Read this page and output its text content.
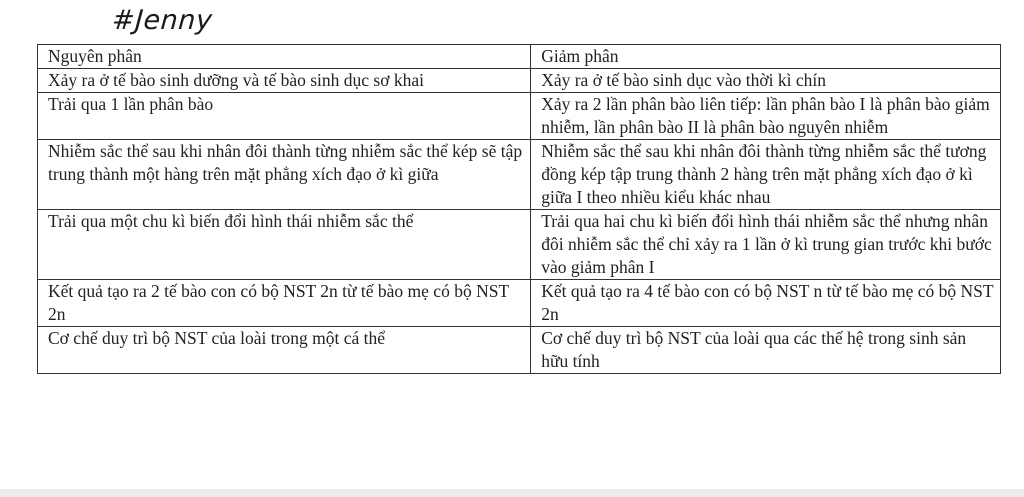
#Jenny
Nguyên phân	Giảm phân
Xảy ra ở tế bào sinh dưỡng và tế bào sinh dục sơ khai	Xảy ra ở tế bào sinh dục vào thời kì chín
Trải qua 1 lần phân bào	Xảy ra 2 lần phân bào liên tiếp: lần phân bào I là phân bào giảm nhiễm, lần phân bào II là phân bào nguyên nhiễm
Nhiễm sắc thể sau khi nhân đôi thành từng nhiễm sắc thể kép sẽ tập trung thành một hàng trên mặt phẳng xích đạo ở kì giữa	Nhiễm sắc thể sau khi nhân đôi thành từng nhiễm sắc thể tương đồng kép tập trung thành 2 hàng trên mặt phẳng xích đạo ở kì giữa I theo nhiều kiểu khác nhau
Trải qua một chu kì biến đổi hình thái nhiễm sắc thể	Trải qua hai chu kì biến đổi hình thái nhiễm sắc thể nhưng nhân đôi nhiễm sắc thể chỉ xảy ra 1 lần ở kì trung gian trước khi bước vào giảm phân I
Kết quả tạo ra 2 tế bào con có bộ NST 2n từ tế bào mẹ có bộ NST 2n	Kết quả tạo ra 4 tế bào con có bộ NST n từ tế bào mẹ có bộ NST 2n
Cơ chế duy trì bộ NST của loài trong một cá thể	Cơ chế duy trì bộ NST của loài qua các thế hệ trong sinh sản hữu tính
